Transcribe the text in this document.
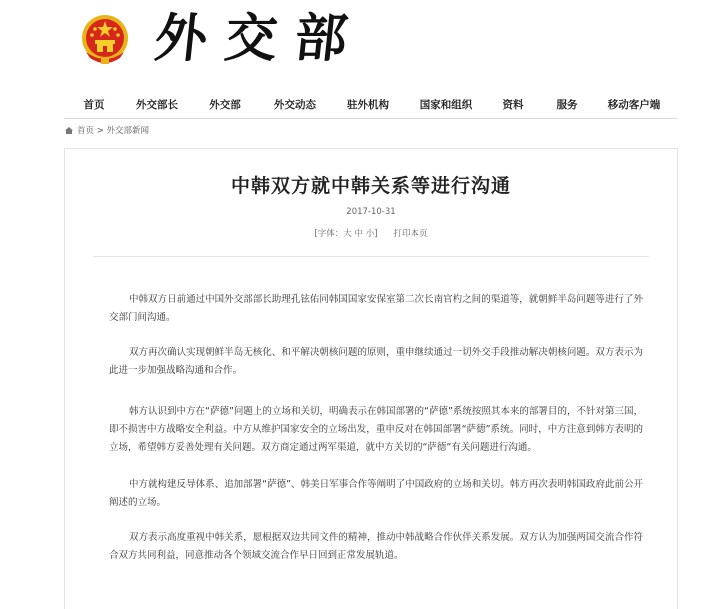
外交部
首页	外交部长	外交部	外交动态	驻外机构	国家和组织	资料	服务	移动客户端
首页 > 外交部新闻
中韩双方就中韩关系等进行沟通
2017-10-31
[字体：大 中 小] 打印本页
中韩双方日前通过中国外交部部长助理孔铉佑同韩国国家安保室第二次长南官杓之间的渠道等，就朝鲜半岛问题等进行了外交部门间沟通。
双方再次确认实现朝鲜半岛无核化、和平解决朝核问题的原则，重申继续通过一切外交手段推动解决朝核问题。双方表示为此进一步加强战略沟通和合作。
韩方认识到中方在“萨德”问题上的立场和关切，明确表示在韩国部署的“萨德”系统按照其本来的部署目的，不针对第三国，即不损害中方战略安全利益。中方从维护国家安全的立场出发，重申反对在韩国部署“萨德”系统。同时，中方注意到韩方表明的立场，希望韩方妥善处理有关问题。双方商定通过两军渠道，就中方关切的“萨德”有关问题进行沟通。
中方就构建反导体系、追加部署“萨德”、韩美日军事合作等阐明了中国政府的立场和关切。韩方再次表明韩国政府此前公开阐述的立场。
双方表示高度重视中韩关系，愿根据双边共同文件的精神，推动中韩战略合作伙伴关系发展。双方认为加强两国交流合作符合双方共同利益，同意推动各个领域交流合作早日回到正常发展轨道。
